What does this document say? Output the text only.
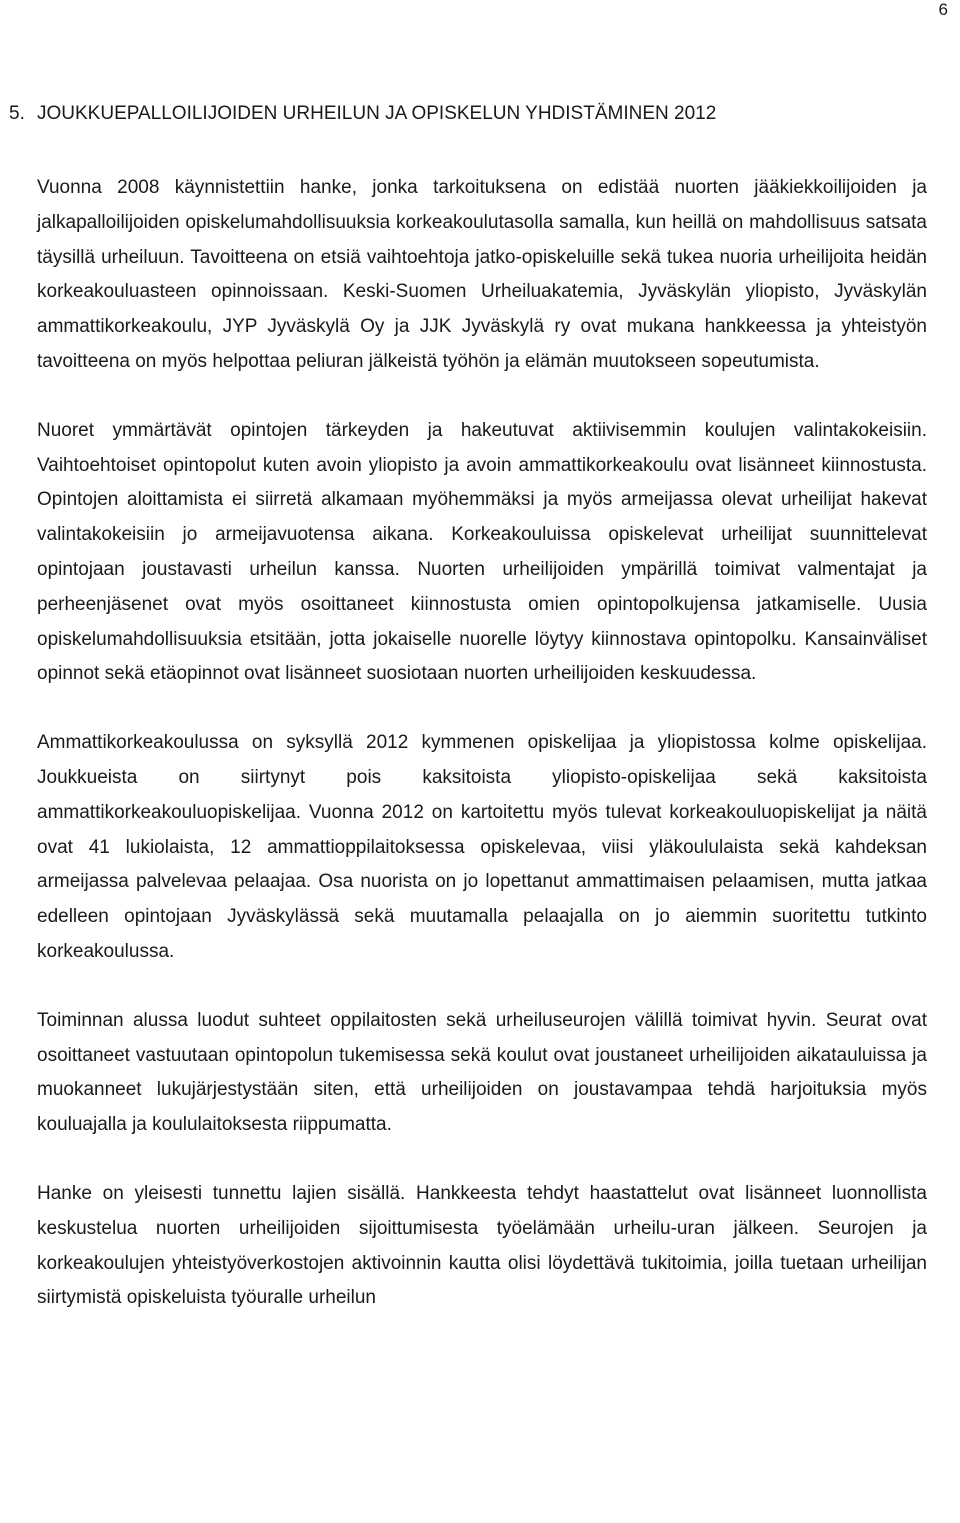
6
5. JOUKKUEPALLOILIJOIDEN URHEILUN JA OPISKELUN YHDISTÄMINEN 2012

Vuonna 2008 käynnistettiin hanke, jonka tarkoituksena on edistää nuorten jääkiekkoilijoiden ja jalkapalloilijoiden opiskelumahdollisuuksia korkeakoulutasolla samalla, kun heillä on mahdollisuus satsata täysillä urheiluun. Tavoitteena on etsiä vaihtoehtoja jatko-opiskeluille sekä tukea nuoria urheilijoita heidän korkeakouluasteen opinnoissaan. Keski-Suomen Urheiluakatemia, Jyväskylän yliopisto, Jyväskylän ammattikorkeakoulu, JYP Jyväskylä Oy ja JJK Jyväskylä ry ovat mukana hankkeessa ja yhteistyön tavoitteena on myös helpottaa peliuran jälkeistä työhön ja elämän muutokseen sopeutumista.

Nuoret ymmärtävät opintojen tärkeyden ja hakeutuvat aktiivisemmin koulujen valintakokeisiin. Vaihtoehtoiset opintopolut kuten avoin yliopisto ja avoin ammattikorkeakoulu ovat lisänneet kiinnostusta. Opintojen aloittamista ei siirretä alkamaan myöhemmäksi ja myös armeijassa olevat urheilijat hakevat valintakokeisiin jo armeijavuotensa aikana. Korkeakouluissa opiskelevat urheilijat suunnittelevat opintojaan joustavasti urheilun kanssa. Nuorten urheilijoiden ympärillä toimivat valmentajat ja perheenjäsenet ovat myös osoittaneet kiinnostusta omien opintopolkujensa jatkamiselle. Uusia opiskelumahdollisuuksia etsitään, jotta jokaiselle nuorelle löytyy kiinnostava opintopolku. Kansainväliset opinnot sekä etäopinnot ovat lisänneet suosiotaan nuorten urheilijoiden keskuudessa.

Ammattikorkeakoulussa on syksyllä 2012 kymmenen opiskelijaa ja yliopistossa kolme opiskelijaa. Joukkueista on siirtynyt pois kaksitoista yliopisto-opiskelijaa sekä kaksitoista ammattikorkeakouluopiskelijaa. Vuonna 2012 on kartoitettu myös tulevat korkeakouluopiskelijat ja näitä ovat 41 lukiolaista, 12 ammattioppilaitoksessa opiskelevaa, viisi yläkoululaista sekä kahdeksan armeijassa palvelevaa pelaajaa. Osa nuorista on jo lopettanut ammattimaisen pelaamisen, mutta jatkaa edelleen opintojaan Jyväskylässä sekä muutamalla pelaajalla on jo aiemmin suoritettu tutkinto korkeakoulussa.

Toiminnan alussa luodut suhteet oppilaitosten sekä urheiluseurojen välillä toimivat hyvin. Seurat ovat osoittaneet vastuutaan opintopolun tukemisessa sekä koulut ovat joustaneet urheilijoiden aikatauluissa ja muokanneet lukujärjestystään siten, että urheilijoiden on joustavampaa tehdä harjoituksia myös kouluajalla ja koululaitoksesta riippumatta.

Hanke on yleisesti tunnettu lajien sisällä. Hankkeesta tehdyt haastattelut ovat lisänneet luonnollista keskustelua nuorten urheilijoiden sijoittumisesta työelämään urheilu-uran jälkeen. Seurojen ja korkeakoulujen yhteistyöverkostojen aktivoinnin kautta olisi löydettävä tukitoimia, joilla tuetaan urheilijan siirtymistä opiskeluista työuralle urheilun
